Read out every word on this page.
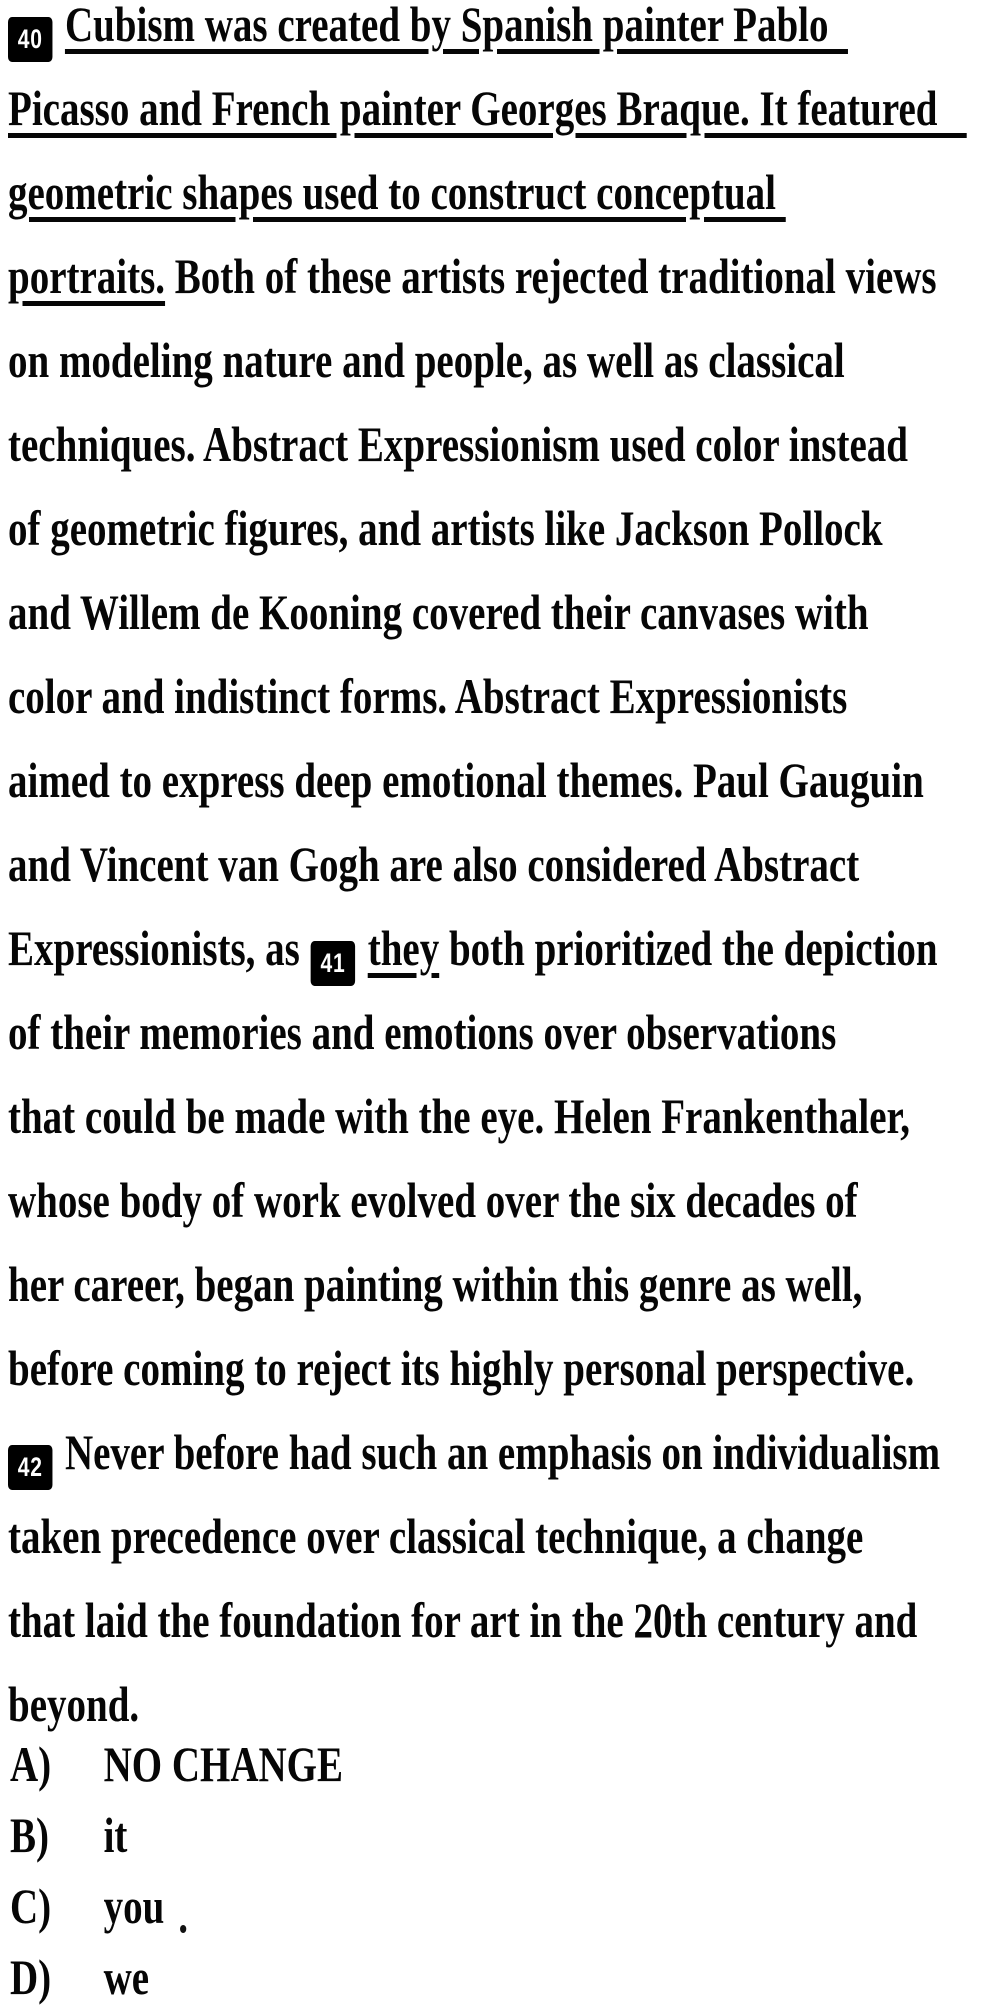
40 Cubism was created by Spanish painter Pablo
Picasso and French painter Georges Braque. It featured
geometric shapes used to construct conceptual
portraits. Both of these artists rejected traditional views
on modeling nature and people, as well as classical
techniques. Abstract Expressionism used color instead
of geometric figures, and artists like Jackson Pollock
and Willem de Kooning covered their canvases with
color and indistinct forms. Abstract Expressionists
aimed to express deep emotional themes. Paul Gauguin
and Vincent van Gogh are also considered Abstract
Expressionists, as 41 they both prioritized the depiction
of their memories and emotions over observations
that could be made with the eye. Helen Frankenthaler,
whose body of work evolved over the six decades of
her career, began painting within this genre as well,
before coming to reject its highly personal perspective.
42 Never before had such an emphasis on individualism
taken precedence over classical technique, a change
that laid the foundation for art in the 20th century and
beyond.
A) NO CHANGE
B) it
C) you
D) we
